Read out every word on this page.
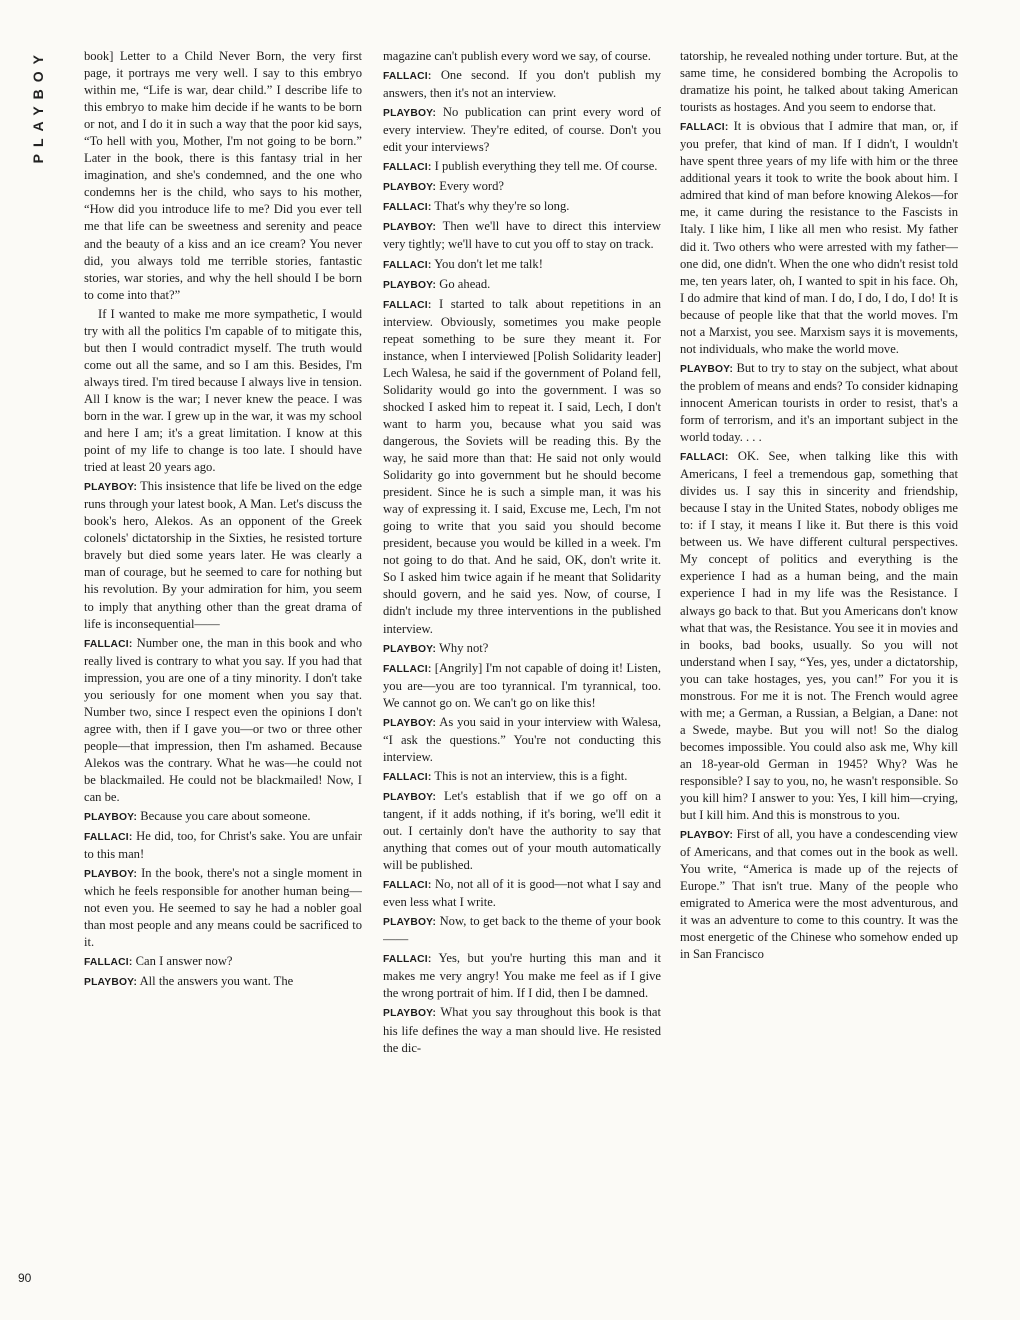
PLAYBOY
90

book] Letter to a Child Never Born, the very first page, it portrays me very well. I say to this embryo within me, “Life is war, dear child.” I describe life to this embryo to make him decide if he wants to be born or not, and I do it in such a way that the poor kid says, “To hell with you, Mother, I'm not going to be born.” Later in the book, there is this fantasy trial in her imagination, and she's condemned, and the one who condemns her is the child, who says to his mother, “How did you introduce life to me? Did you ever tell me that life can be sweetness and serenity and peace and the beauty of a kiss and an ice cream? You never did, you always told me terrible stories, fantastic stories, war stories, and why the hell should I be born to come into that?”

If I wanted to make me more sympathetic, I would try with all the politics I'm capable of to mitigate this, but then I would contradict myself. The truth would come out all the same, and so I am this. Besides, I'm always tired. I'm tired because I always live in tension. All I know is the war; I never knew the peace. I was born in the war. I grew up in the war, it was my school and here I am; it's a great limitation. I know at this point of my life to change is too late. I should have tried at least 20 years ago.

PLAYBOY: This insistence that life be lived on the edge runs through your latest book, A Man. Let's discuss the book's hero, Alekos. As an opponent of the Greek colonels' dictatorship in the Sixties, he resisted torture bravely but died some years later. He was clearly a man of courage, but he seemed to care for nothing but his revolution. By your admiration for him, you seem to imply that anything other than the great drama of life is inconsequential——

FALLACI: Number one, the man in this book and who really lived is contrary to what you say. If you had that impression, you are one of a tiny minority. I don't take you seriously for one moment when you say that. Number two, since I respect even the opinions I don't agree with, then if I gave you—or two or three other people—that impression, then I'm ashamed. Because Alekos was the contrary. What he was—he could not be blackmailed. He could not be blackmailed! Now, I can be.

PLAYBOY: Because you care about someone.

FALLACI: He did, too, for Christ's sake. You are unfair to this man!

PLAYBOY: In the book, there's not a single moment in which he feels responsible for another human being—not even you. He seemed to say he had a nobler goal than most people and any means could be sacrificed to it.

FALLACI: Can I answer now?

PLAYBOY: All the answers you want. The

magazine can't publish every word we say, of course.

FALLACI: One second. If you don't publish my answers, then it's not an interview.

PLAYBOY: No publication can print every word of every interview. They're edited, of course. Don't you edit your interviews?

FALLACI: I publish everything they tell me. Of course.

PLAYBOY: Every word?

FALLACI: That's why they're so long.

PLAYBOY: Then we'll have to direct this interview very tightly; we'll have to cut you off to stay on track.

FALLACI: You don't let me talk!

PLAYBOY: Go ahead.

FALLACI: I started to talk about repetitions in an interview. Obviously, sometimes you make people repeat something to be sure they meant it. For instance, when I interviewed [Polish Solidarity leader] Lech Walesa, he said if the government of Poland fell, Solidarity would go into the government. I was so shocked I asked him to repeat it. I said, Lech, I don't want to harm you, because what you said was dangerous, the Soviets will be reading this. By the way, he said more than that: He said not only would Solidarity go into government but he should become president. Since he is such a simple man, it was his way of expressing it. I said, Excuse me, Lech, I'm not going to write that you said you should become president, because you would be killed in a week. I'm not going to do that. And he said, OK, don't write it. So I asked him twice again if he meant that Solidarity should govern, and he said yes. Now, of course, I didn't include my three interventions in the published interview.

PLAYBOY: Why not?

FALLACI: [Angrily] I'm not capable of doing it! Listen, you are—you are too tyrannical. I'm tyrannical, too. We cannot go on. We can't go on like this!

PLAYBOY: As you said in your interview with Walesa, “I ask the questions.” You're not conducting this interview.

FALLACI: This is not an interview, this is a fight.

PLAYBOY: Let's establish that if we go off on a tangent, if it adds nothing, if it's boring, we'll edit it out. I certainly don't have the authority to say that anything that comes out of your mouth automatically will be published.

FALLACI: No, not all of it is good—not what I say and even less what I write.

PLAYBOY: Now, to get back to the theme of your book——

FALLACI: Yes, but you're hurting this man and it makes me very angry! You make me feel as if I give the wrong portrait of him. If I did, then I be damned.

PLAYBOY: What you say throughout this book is that his life defines the way a man should live. He resisted the dic-

tatorship, he revealed nothing under torture. But, at the same time, he considered bombing the Acropolis to dramatize his point, he talked about taking American tourists as hostages. And you seem to endorse that.

FALLACI: It is obvious that I admire that man, or, if you prefer, that kind of man. If I didn't, I wouldn't have spent three years of my life with him or the three additional years it took to write the book about him. I admired that kind of man before knowing Alekos—for me, it came during the resistance to the Fascists in Italy. I like him, I like all men who resist. My father did it. Two others who were arrested with my father—one did, one didn't. When the one who didn't resist told me, ten years later, oh, I wanted to spit in his face. Oh, I do admire that kind of man. I do, I do, I do, I do! It is because of people like that that the world moves. I'm not a Marxist, you see. Marxism says it is movements, not individuals, who make the world move.

PLAYBOY: But to try to stay on the subject, what about the problem of means and ends? To consider kidnaping innocent American tourists in order to resist, that's a form of terrorism, and it's an important subject in the world today. . . .

FALLACI: OK. See, when talking like this with Americans, I feel a tremendous gap, something that divides us. I say this in sincerity and friendship, because I stay in the United States, nobody obliges me to: if I stay, it means I like it. But there is this void between us. We have different cultural perspectives. My concept of politics and everything is the experience I had as a human being, and the main experience I had in my life was the Resistance. I always go back to that. But you Americans don't know what that was, the Resistance. You see it in movies and in books, bad books, usually. So you will not understand when I say, “Yes, yes, under a dictatorship, you can take hostages, yes, you can!” For you it is monstrous. For me it is not. The French would agree with me; a German, a Russian, a Belgian, a Dane: not a Swede, maybe. But you will not! So the dialog becomes impossible. You could also ask me, Why kill an 18-year-old German in 1945? Why? Was he responsible? I say to you, no, he wasn't responsible. So you kill him? I answer to you: Yes, I kill him—crying, but I kill him. And this is monstrous to you.

PLAYBOY: First of all, you have a condescending view of Americans, and that comes out in the book as well. You write, “America is made up of the rejects of Europe.” That isn't true. Many of the people who emigrated to America were the most adventurous, and it was an adventure to come to this country. It was the most energetic of the Chinese who somehow ended up in San Francisco
